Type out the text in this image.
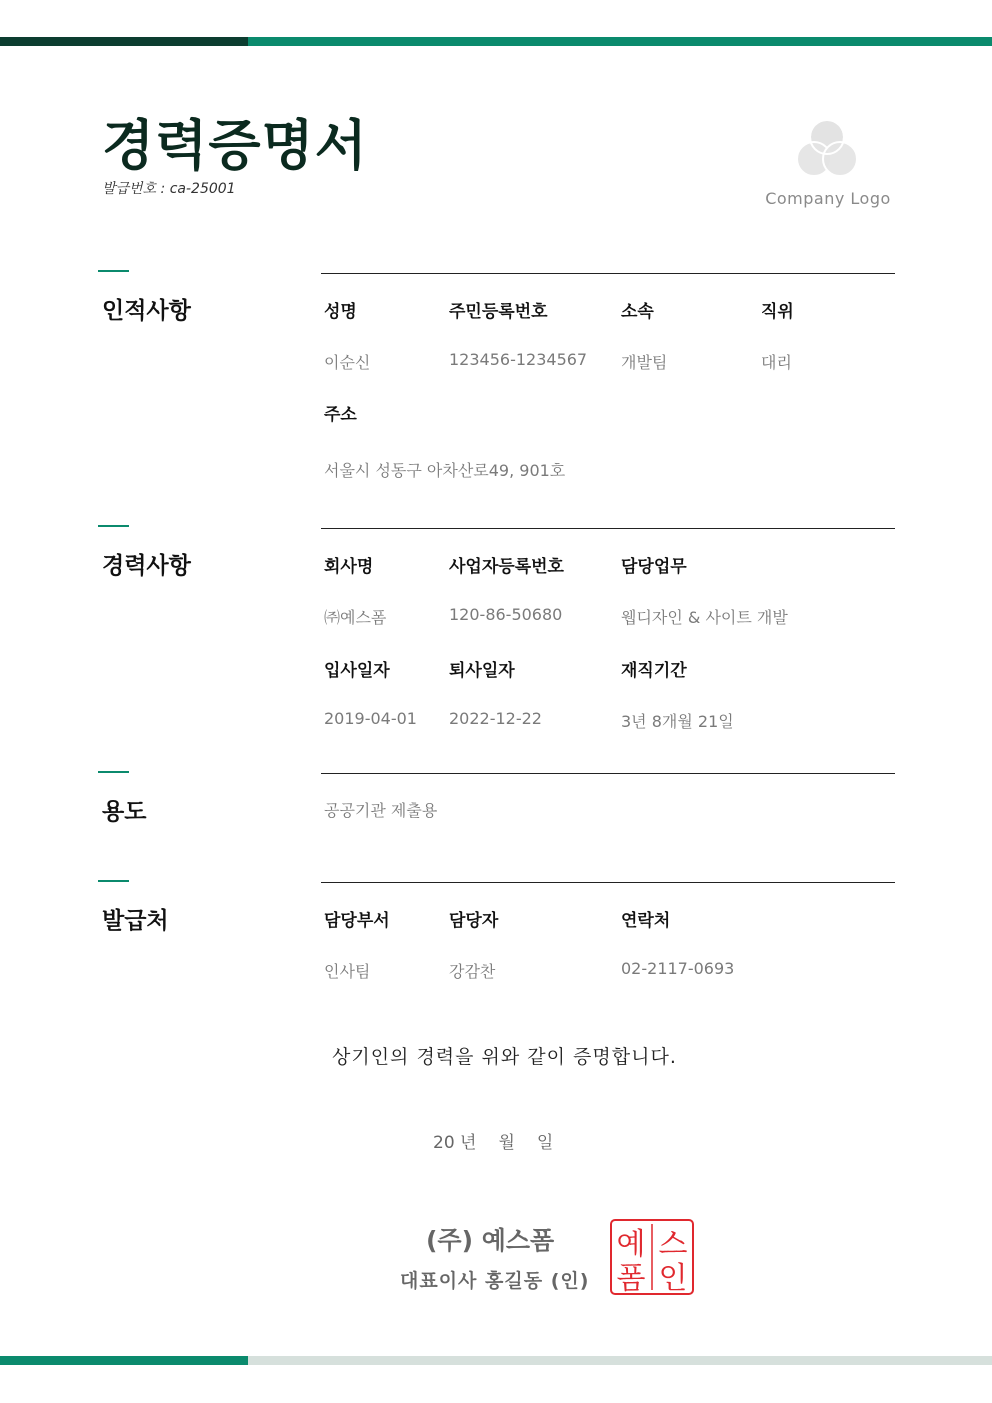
경력증명서
발급번호 : ca-25001	Company Logo
인적사항	성명	주민등록번호	소속	직위
이순신	123456-1234567 개발팀	대리
주소
서울시 성동구 아차산로49, 901호
경력사항	회사명	사업자등록번호	담당업무
㈜예스폼	120-86-50680	웹디자인 & 사이트 개발
입사일자	퇴사일자	재직기간
2019-04-01 2022-12-22	3년 8개월 21일
용도	공공기관 제출용
발급처	담당부서	담당자	연락처
인사팀	강감찬	02-2117-0693
상기인의 경력을 위와 같이 증명합니다.
20 년 월 일
(주) 예스폼
대표이사 홍길동 (인)
예 스
폼 인
